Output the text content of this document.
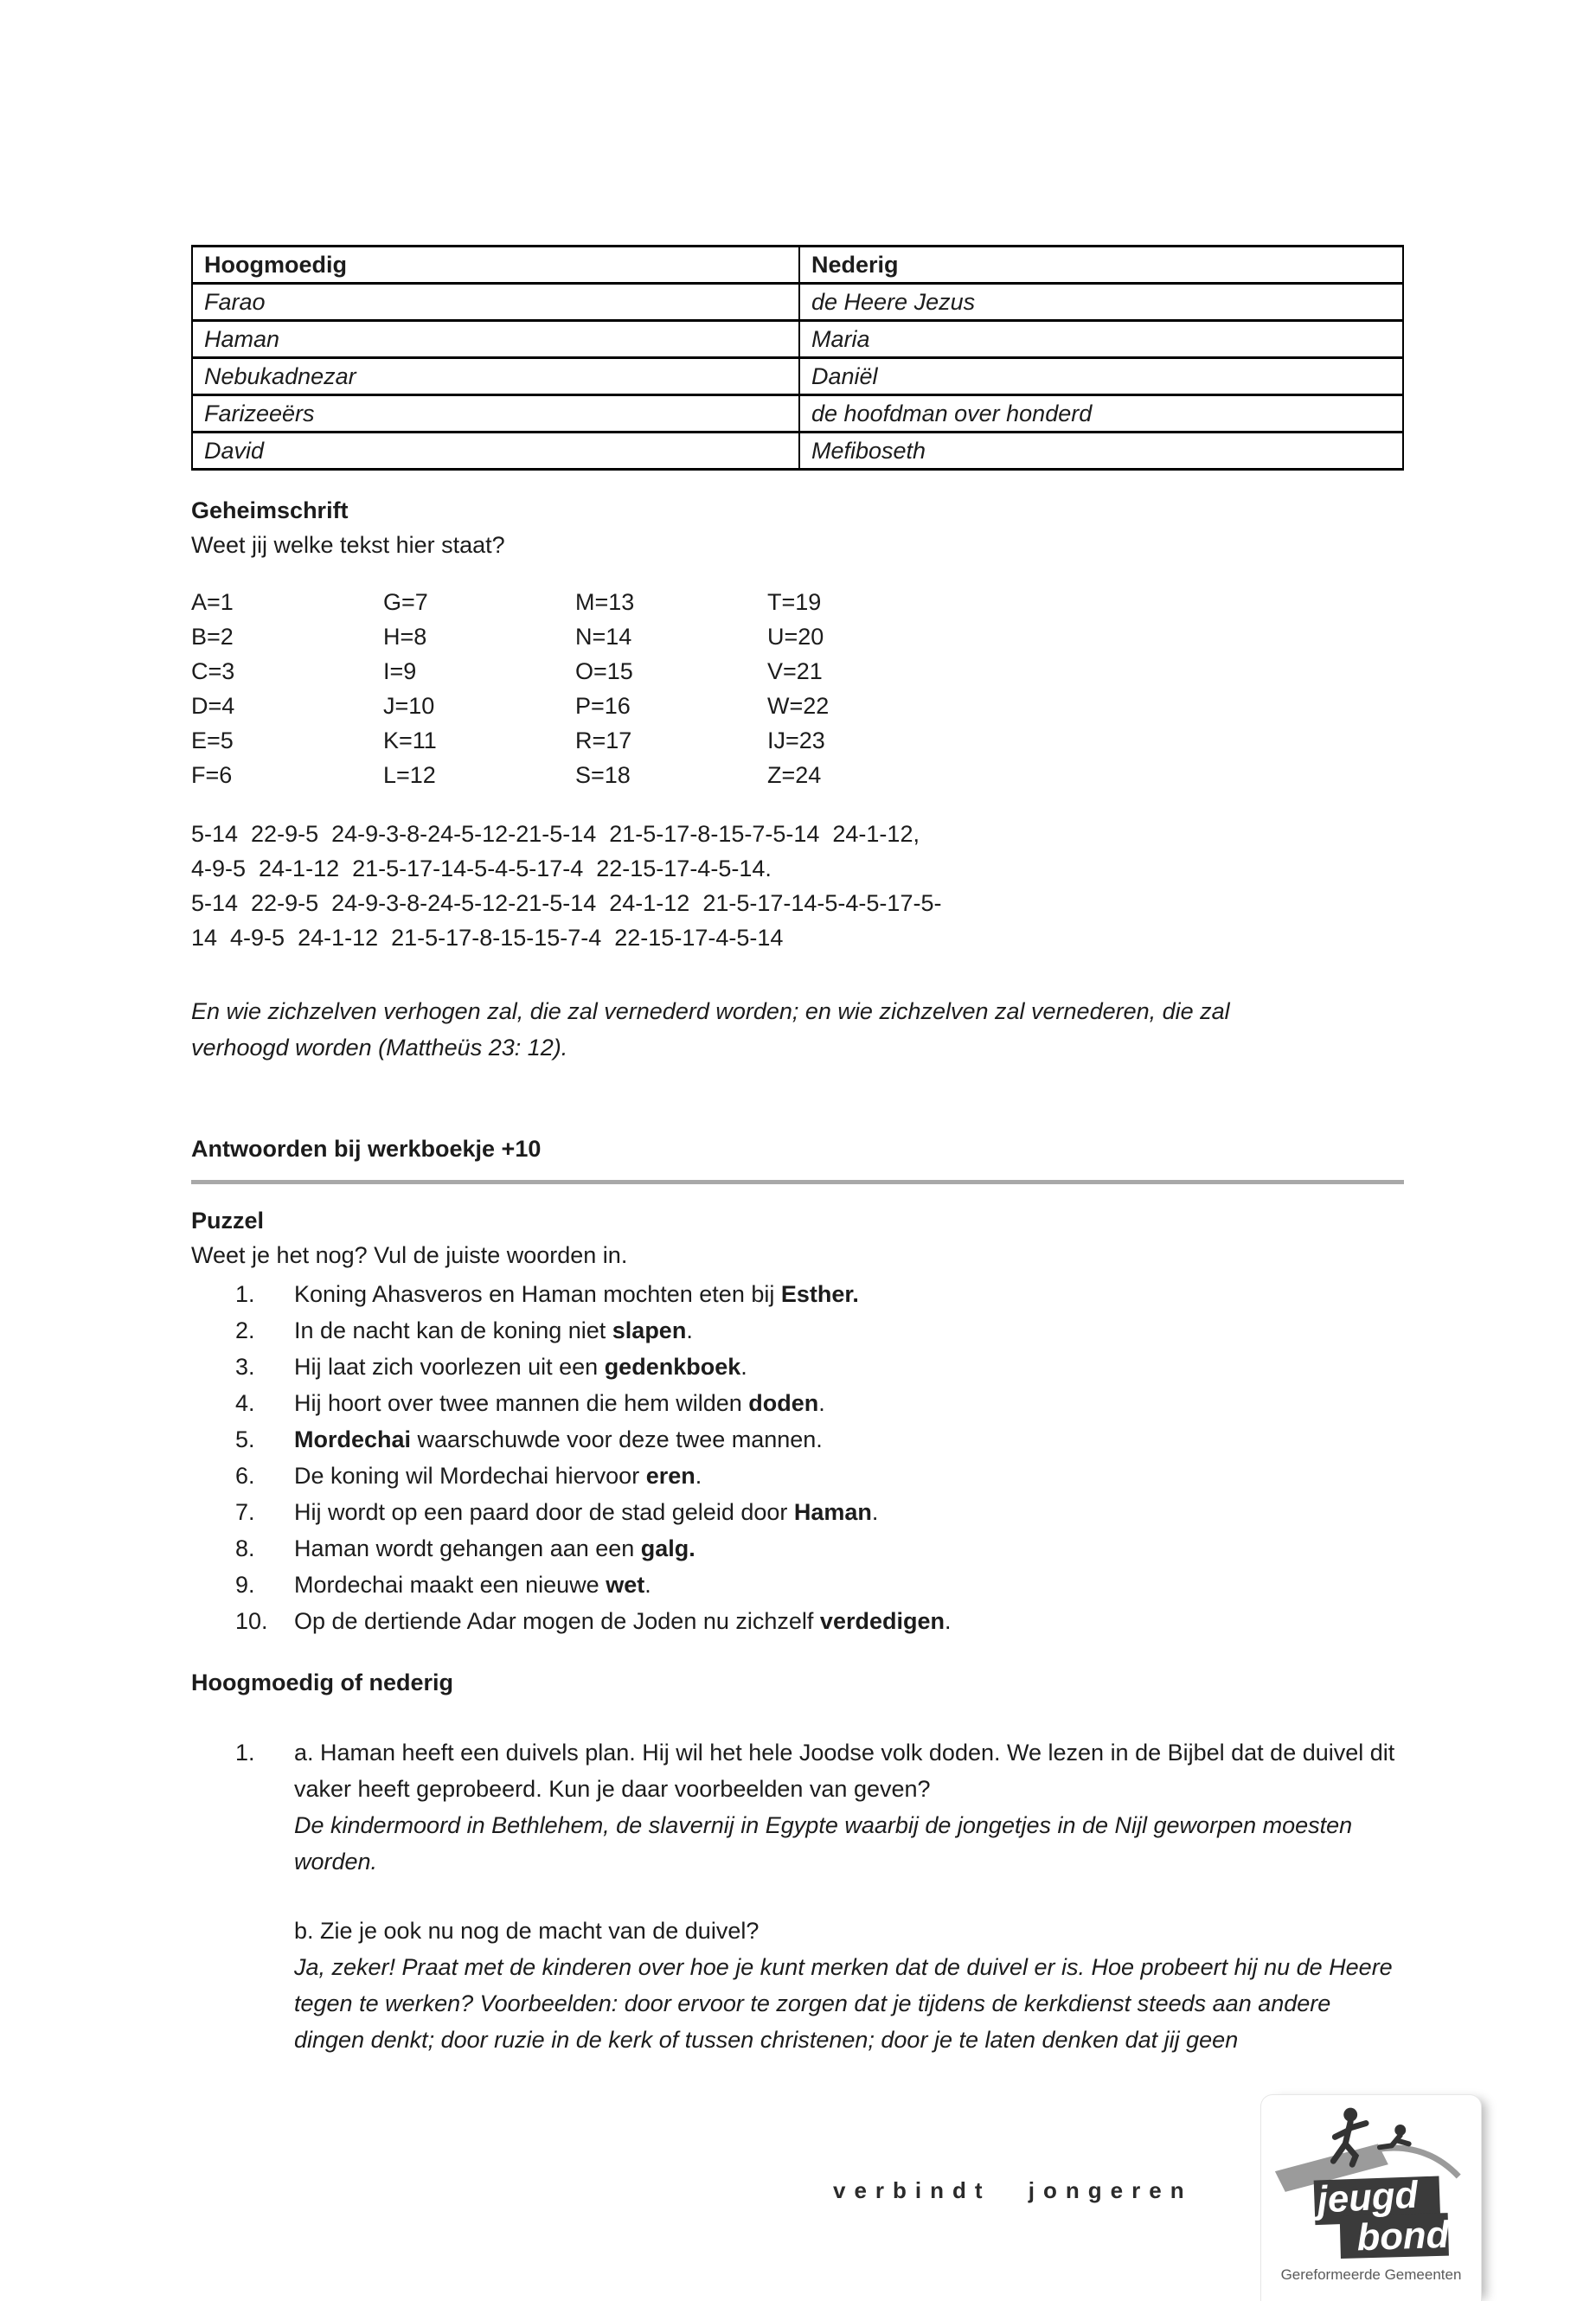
Hoogmoedig	Nederig
Farao	de Heere Jezus
Haman	Maria
Nebukadnezar	Daniël
Farizeeërs	de hoofdman over honderd
David	Mefiboseth
Geheimschrift
Weet jij welke tekst hier staat?
A=1	G=7	M=13	T=19
B=2	H=8	N=14	U=20
C=3	I=9	O=15	V=21
D=4	J=10	P=16	W=22
E=5	K=11	R=17	IJ=23
F=6	L=12	S=18	Z=24
5-14  22-9-5  24-9-3-8-24-5-12-21-5-14  21-5-17-8-15-7-5-14  24-1-12,
4-9-5  24-1-12  21-5-17-14-5-4-5-17-4  22-15-17-4-5-14.
5-14  22-9-5  24-9-3-8-24-5-12-21-5-14  24-1-12  21-5-17-14-5-4-5-17-5-
14  4-9-5  24-1-12  21-5-17-8-15-15-7-4  22-15-17-4-5-14
En wie zichzelven verhogen zal, die zal vernederd worden; en wie zichzelven zal vernederen, die zal verhoogd worden (Mattheüs 23: 12).
Antwoorden bij werkboekje +10
Puzzel
Weet je het nog? Vul de juiste woorden in.
1.	Koning Ahasveros en Haman mochten eten bij Esther.
2.	In de nacht kan de koning niet slapen.
3.	Hij laat zich voorlezen uit een gedenkboek.
4.	Hij hoort over twee mannen die hem wilden doden.
5.	Mordechai waarschuwde voor deze twee mannen.
6.	De koning wil Mordechai hiervoor eren.
7.	Hij wordt op een paard door de stad geleid door Haman.
8.	Haman wordt gehangen aan een galg.
9.	Mordechai maakt een nieuwe wet.
10.	Op de dertiende Adar mogen de Joden nu zichzelf verdedigen.
Hoogmoedig of nederig
1.	a. Haman heeft een duivels plan. Hij wil het hele Joodse volk doden. We lezen in de Bijbel dat de duivel dit vaker heeft geprobeerd. Kun je daar voorbeelden van geven?
De kindermoord in Bethlehem, de slavernij in Egypte waarbij de jongetjes in de Nijl geworpen moesten worden.
b. Zie je ook nu nog de macht van de duivel?
Ja, zeker! Praat met de kinderen over hoe je kunt merken dat de duivel er is. Hoe probeert hij nu de Heere tegen te werken? Voorbeelden: door ervoor te zorgen dat je tijdens de kerkdienst steeds aan andere dingen denkt; door ruzie in de kerk of tussen christenen; door je te laten denken dat jij geen
verbindt jongeren	jeugd
bond
Gereformeerde Gemeenten
